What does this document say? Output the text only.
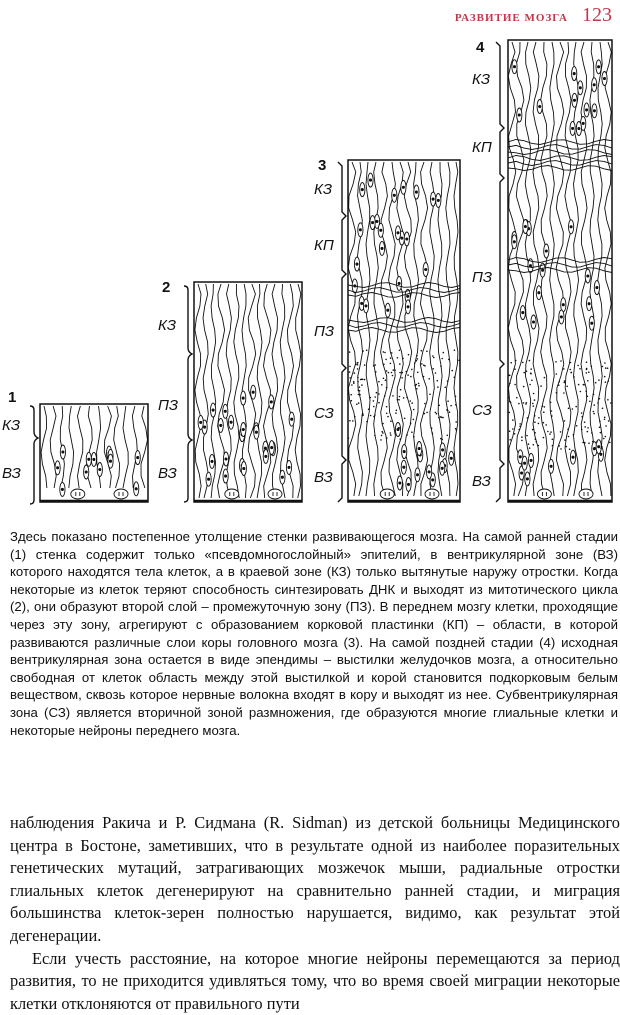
РАЗВИТИЕ МОЗГА 123
1
КЗ
ВЗ
2
КЗ
ПЗ
ВЗ
3
КЗ
КП
ПЗ
СЗ
ВЗ
4
КЗ
КП
ПЗ
СЗ
ВЗ
Здесь показано постепенное утолщение стенки развивающегося мозга. На самой ранней стадии (1) стенка содержит только «псевдомногослойный» эпителий, в вентрикулярной зоне (ВЗ) которого находятся тела клеток, а в краевой зоне (КЗ) только вытянутые наружу отростки. Когда некоторые из клеток теряют способность синтезировать ДНК и выходят из митотического цикла (2), они образуют второй слой – промежуточную зону (ПЗ). В переднем мозгу клетки, проходящие через эту зону, агрегируют с образованием корковой пластинки (КП) – области, в которой развиваются различные слои коры головного мозга (3). На самой поздней стадии (4) исходная вентрикулярная зона остается в виде эпендимы – выстилки желудочков мозга, а относительно свободная от клеток область между этой выстилкой и корой становится подкорковым белым веществом, сквозь которое нервные волокна входят в кору и выходят из нее. Субвентрикулярная зона (СЗ) является вторичной зоной размножения, где образуются многие глиальные клетки и некоторые нейроны переднего мозга.

наблюдения Ракича и Р. Сидмана (R. Sidman) из детской больницы Медицинского центра в Бостоне, заметивших, что в результате одной из наиболее поразительных генетических мутаций, затрагивающих мозжечок мыши, радиальные отростки глиальных клеток дегенерируют на сравнительно ранней стадии, и миграция большинства клеток-зерен полностью нарушается, видимо, как результат этой дегенерации.

Если учесть расстояние, на которое многие нейроны перемещаются за период развития, то не приходится удивляться тому, что во время своей миграции некоторые клетки отклоняются от правильного пути
